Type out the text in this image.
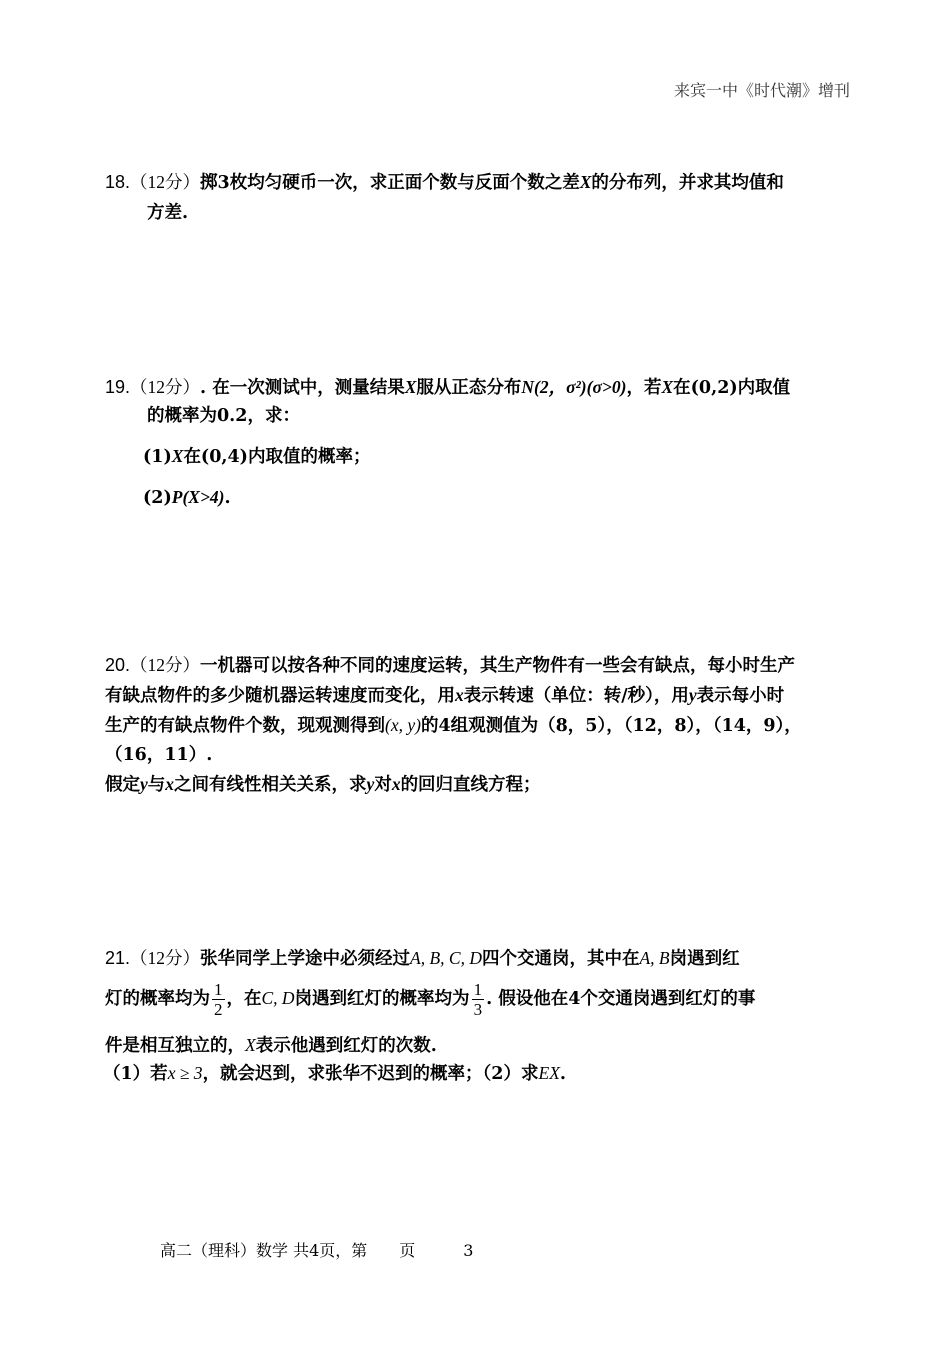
来宾一中《时代潮》增刊
18.（12分）掷3枚均匀硬币一次，求正面个数与反面个数之差X的分布列，并求其均值和
方差.
19.（12分）. 在一次测试中，测量结果X服从正态分布N(2，σ²)(σ>0)，若X在(0,2)内取值
的概率为0.2，求：
(1)X在(0,4)内取值的概率；
(2)P(X>4).
20.（12分）一机器可以按各种不同的速度运转，其生产物件有一些会有缺点，每小时生产
有缺点物件的多少随机器运转速度而变化，用x表示转速（单位：转/秒），用y表示每小时
生产的有缺点物件个数，现观测得到(x, y)的4组观测值为（8，5），（12，8），（14，9），
（16，11）.
假定y与x之间有线性相关关系，求y对x的回归直线方程；
21.（12分）张华同学上学途中必须经过A, B, C, D四个交通岗，其中在A, B岗遇到红
灯的概率均为 $\frac{1}{2}$ ，在C, D岗遇到红灯的概率均为 $\frac{1}{3}$ . 假设他在4个交通岗遇到红灯的事
件是相互独立的，X表示他遇到红灯的次数.
（1）若x ≥ 3，就会迟到，求张华不迟到的概率；（2）求EX.
高二（理科）数学 共4页，第　　页	3
